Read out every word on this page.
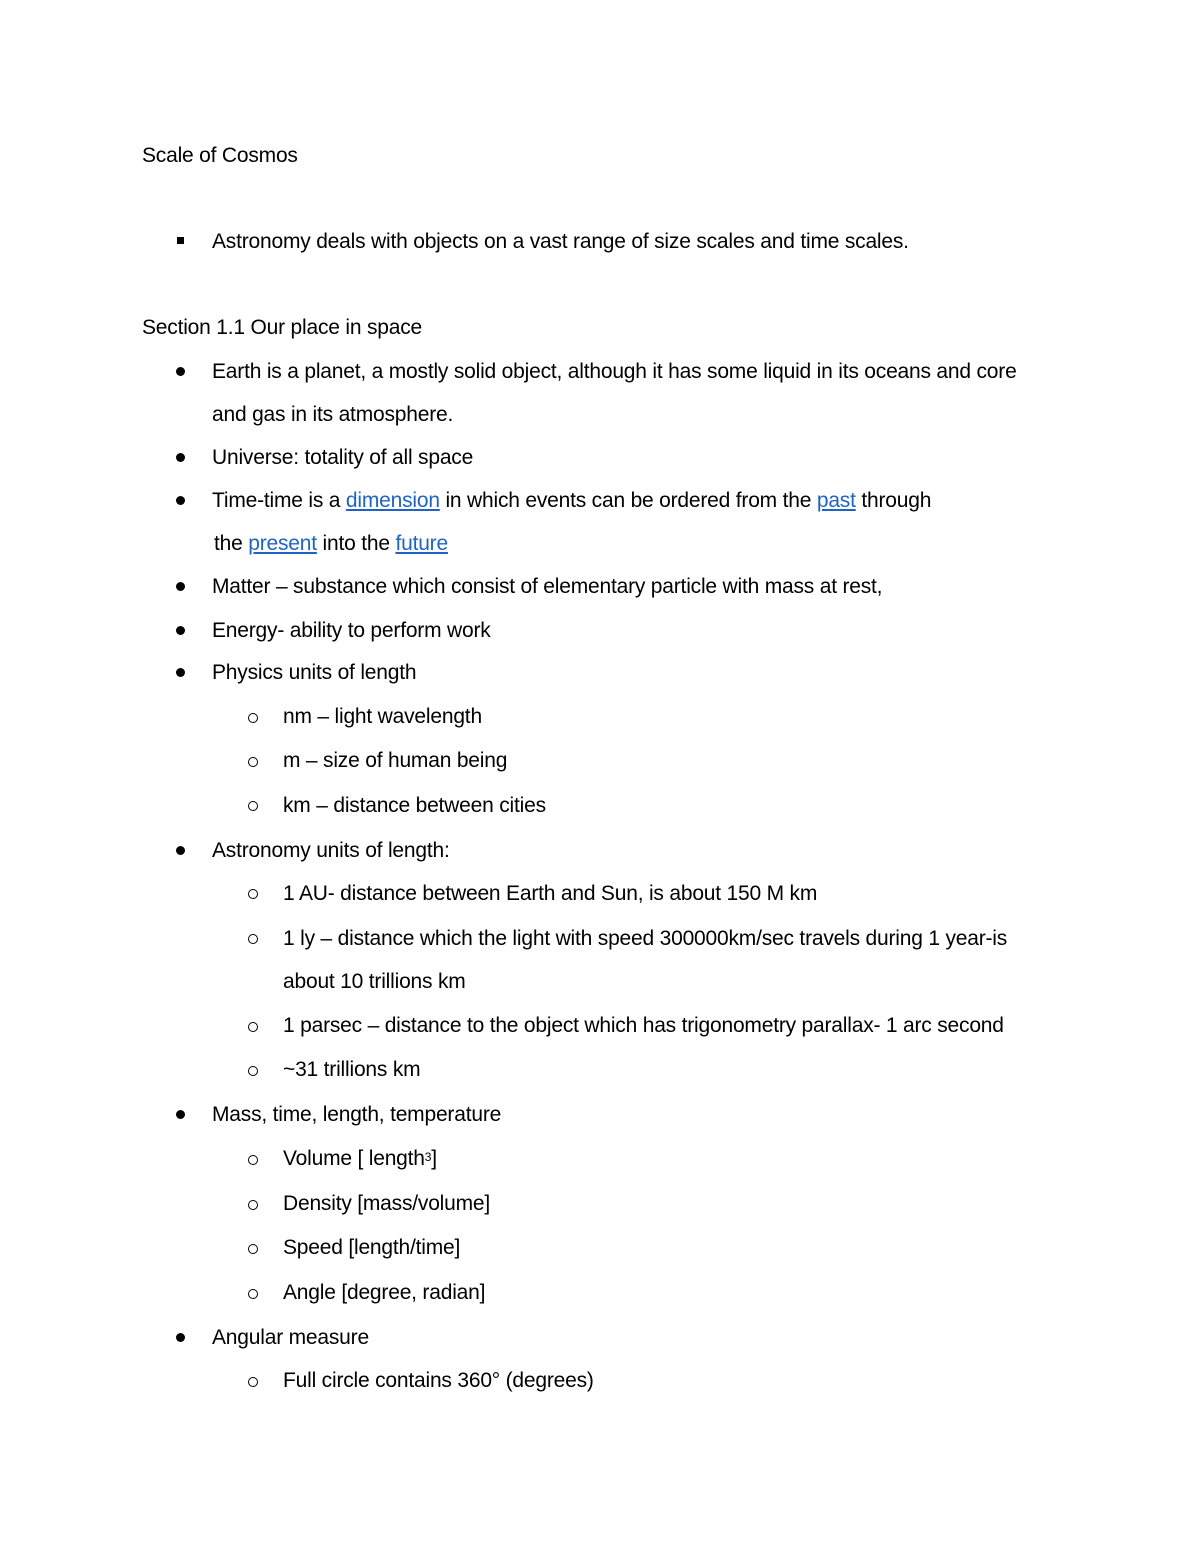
Scale of Cosmos
Astronomy deals with objects on a vast range of size scales and time scales.
Section 1.1 Our place in space
Earth is a planet, a mostly solid object, although it has some liquid in its oceans and core
and gas in its atmosphere.
Universe: totality of all space
Time-time is a dimension in which events can be ordered from the past through
the present into the future
Matter – substance which consist of elementary particle with mass at rest,
Energy- ability to perform work
Physics units of length
nm – light wavelength
m – size of human being
km – distance between cities
Astronomy units of length:
1 AU- distance between Earth and Sun, is about 150 M km
1 ly – distance which the light with speed 300000km/sec travels during 1 year-is
about 10 trillions km
1 parsec – distance to the object which has trigonometry parallax- 1 arc second
~31 trillions km
Mass, time, length, temperature
Volume [ length$^3$]
Density [mass/volume]
Speed [length/time]
Angle [degree, radian]
Angular measure
Full circle contains 360° (degrees)
